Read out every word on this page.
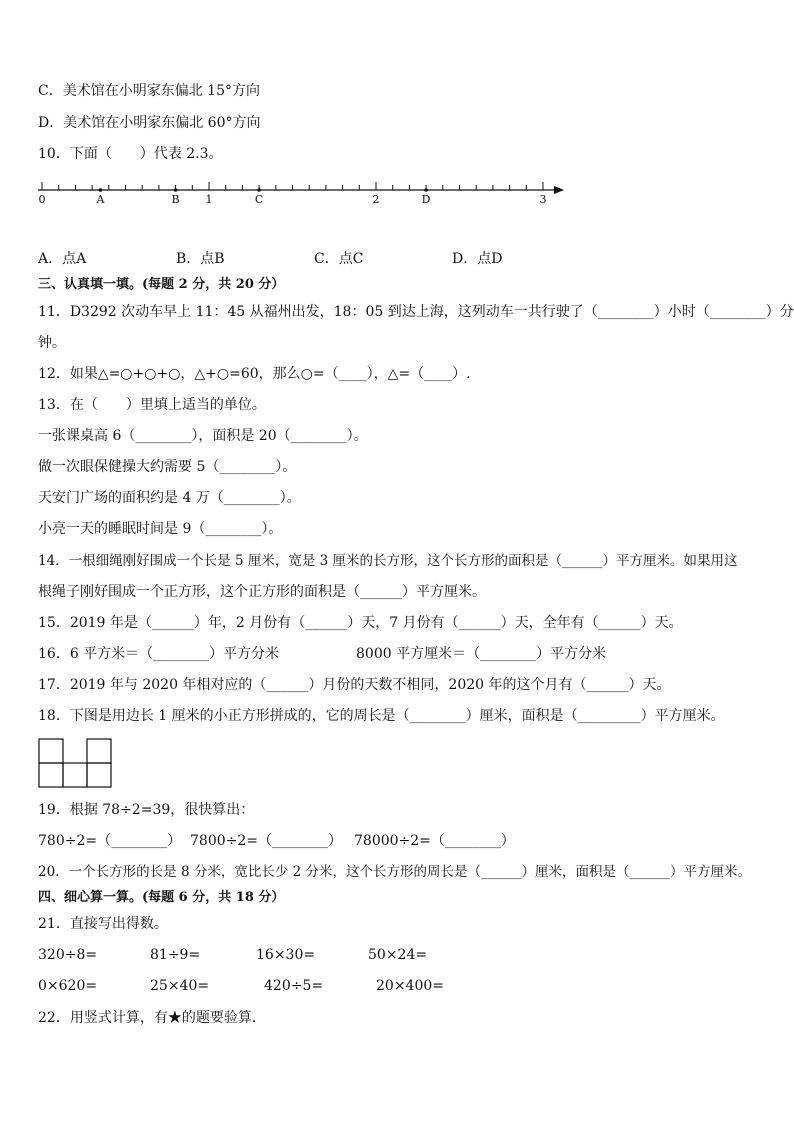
C．美术馆在小明家东偏北 15°方向
D．美术馆在小明家东偏北 60°方向
10．下面（　　）代表 2.3。
0	A	B 1	C	2	D	3
A．点A	B．点B	C．点C	D．点D
三、认真填一填。(每题 2 分，共 20 分）
11．D3292 次动车早上 11：45 从福州出发，18：05 到达上海，这列动车一共行驶了（________）小时（________）分
钟。
12．如果△=○+○+○，△+○=60，那么○=（____），△=（____）.
13．在（　　）里填上适当的单位。
一张课桌高 6（________），面积是 20（________）。
做一次眼保健操大约需要 5（________）。
天安门广场的面积约是 4 万（________）。
小亮一天的睡眠时间是 9（________）。
14．一根细绳刚好围成一个长是 5 厘米，宽是 3 厘米的长方形，这个长方形的面积是（______）平方厘米。如果用这
根绳子刚好围成一个正方形，这个正方形的面积是（______）平方厘米。
15．2019 年是（______）年，2 月份有（______）天，7 月份有（______）天，全年有（______）天。
16．6 平方米＝（________）平方分米	8000 平方厘米＝（________）平方分米
17．2019 年与 2020 年相对应的（______）月份的天数不相同，2020 年的这个月有（______）天。
18．下图是用边长 1 厘米的小正方形拼成的，它的周长是（________）厘米，面积是（_________）平方厘米。
19．根据 78÷2=39，很快算出：
780÷2=（________） 7800÷2=（________） 78000÷2=（________）
20．一个长方形的长是 8 分米，宽比长少 2 分米，这个长方形的周长是（______）厘米，面积是（______）平方厘米。
四、细心算一算。(每题 6 分，共 18 分）
21．直接写出得数。
320÷8=	81÷9=	16×30=	50×24=
0×620=	25×40=	420÷5=	20×400=
22．用竖式计算，有★的题要验算．
